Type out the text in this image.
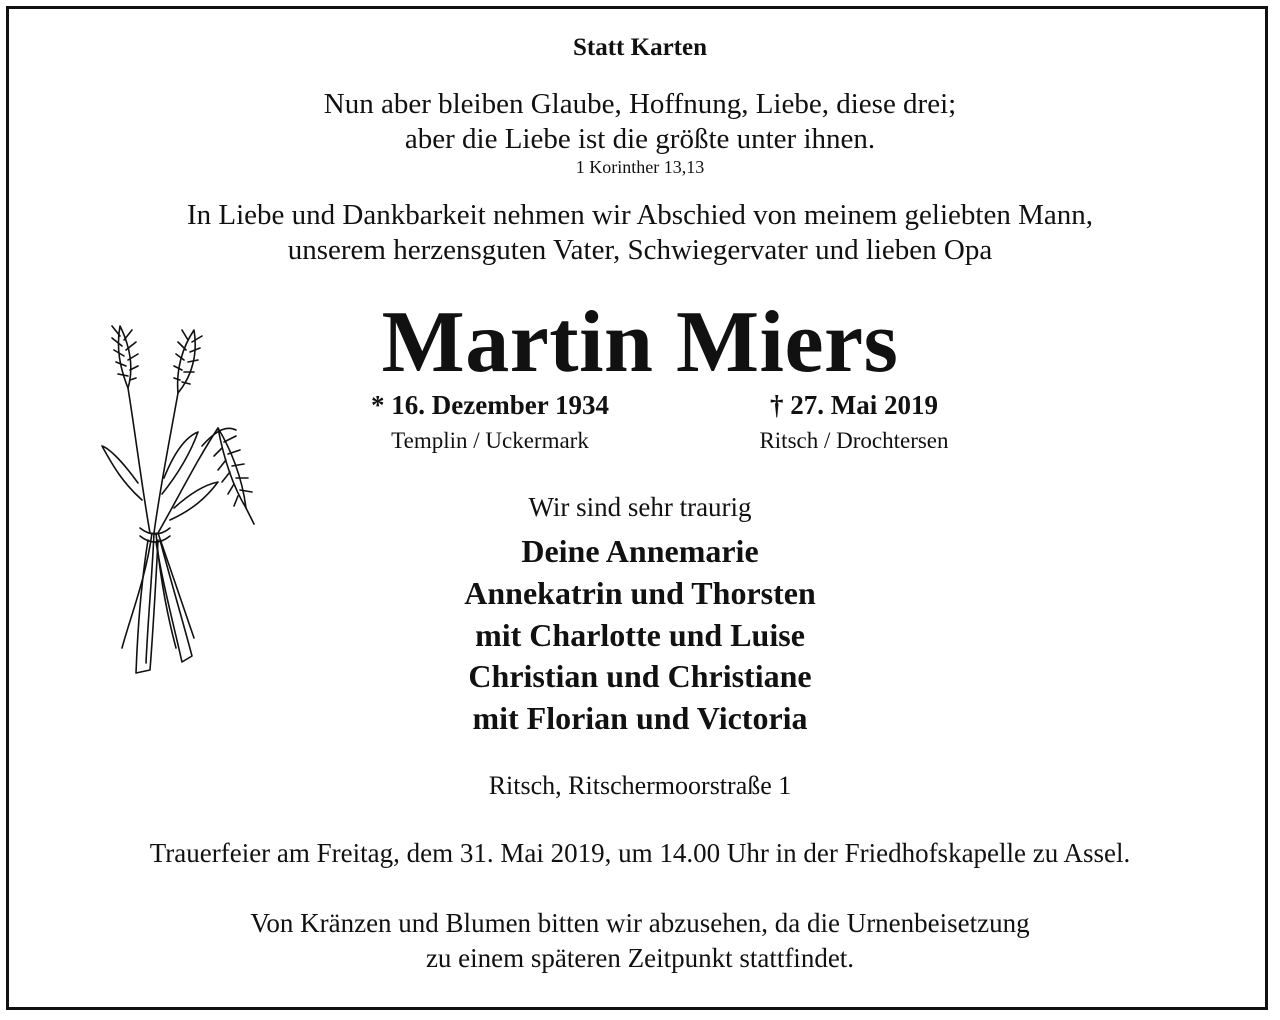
Statt Karten
Nun aber bleiben Glaube, Hoffnung, Liebe, diese drei;
aber die Liebe ist die größte unter ihnen.
1 Korinther 13,13
In Liebe und Dankbarkeit nehmen wir Abschied von meinem geliebten Mann,
unserem herzensguten Vater, Schwiegervater und lieben Opa
Martin Miers
* 16. Dezember 1934
Templin / Uckermark
† 27. Mai 2019
Ritsch / Drochtersen
Wir sind sehr traurig
Deine Annemarie
Annekatrin und Thorsten
mit Charlotte und Luise
Christian und Christiane
mit Florian und Victoria
Ritsch, Ritschermoorstraße 1
Trauerfeier am Freitag, dem 31. Mai 2019, um 14.00 Uhr in der Friedhofskapelle zu Assel.
Von Kränzen und Blumen bitten wir abzusehen, da die Urnenbeisetzung
zu einem späteren Zeitpunkt stattfindet.
